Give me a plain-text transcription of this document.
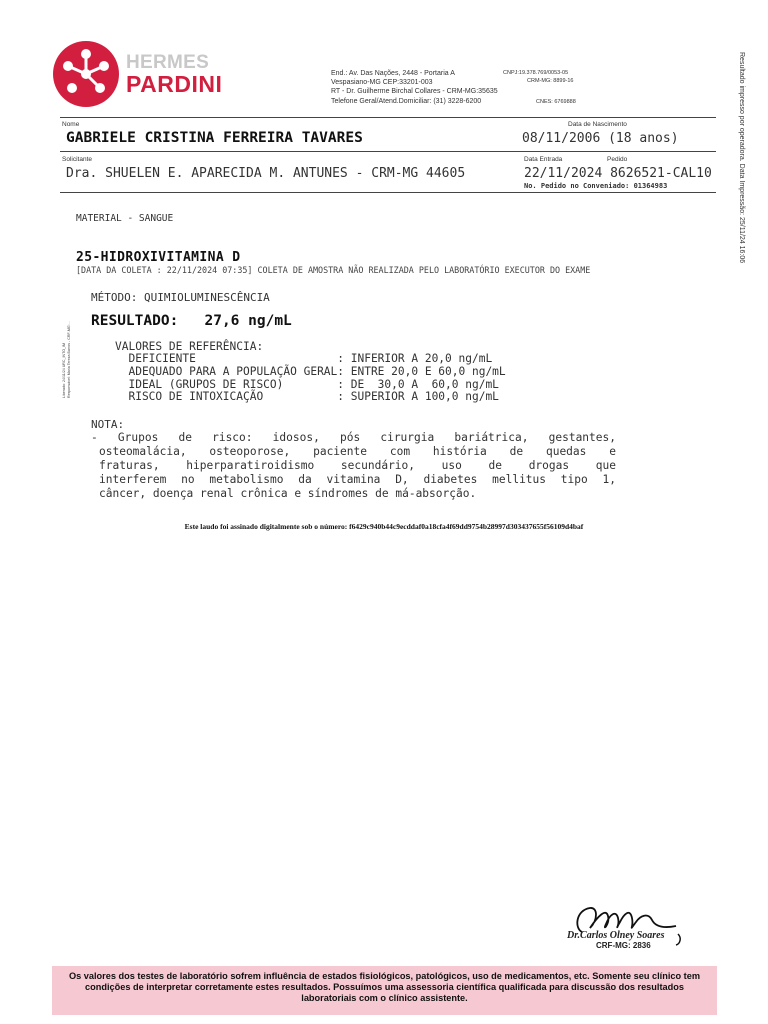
HERMES
PARDINI	End.: Av. Das Nações, 2448 - Portaria A
Vespasiano-MG CEP:33201-003
RT - Dr. Guilherme Birchal Collares - CRM-MG:35635
Telefone Geral/Atend.Domiciliar: (31) 3228-6200
CNPJ:19.378.769/0053-05
CRM-MG: 8899-16
CNES: 6769888
Nome	Data de Nascimento
GABRIELE CRISTINA FERREIRA TAVARES	08/11/2006 (18 anos)
Solicitante	Data Entrada	Pedido
Dra. SHUELEN E. APARECIDA M. ANTUNES - CRM-MG 44605	22/11/2024 8626521-CAL10
No. Pedido no Conveniado: 01364983
MATERIAL - SANGUE
25-HIDROXIVITAMINA D
[DATA DA COLETA : 22/11/2024 07:35] COLETA DE AMOSTRA NÃO REALIZADA PELO LABORATÓRIO EXECUTOR DO EXAME
MÉTODO: QUIMIOLUMINESCÊNCIA
RESULTADO:   27,6 ng/mL
VALORES DE REFERÊNCIA:
DEFICIENTE                     : INFERIOR A 20,0 ng/mL
ADEQUADO PARA A POPULAÇÃO GERAL: ENTRE 20,0 E 60,0 ng/mL
IDEAL (GRUPOS DE RISCO)        : DE  30,0 A  60,0 ng/mL
RISCO DE INTOXICAÇÃO           : SUPERIOR A 100,0 ng/mL
NOTA:

- Grupos de risco: idosos, pós cirurgia bariátrica, gestantes,

osteomalácia, osteoporose, paciente com história de quedas e

fraturas, hiperparatiroidismo secundário, uso de drogas que

interferem no metabolismo da vitamina D, diabetes mellitus tipo 1,

câncer, doença renal crônica e síndromes de má-absorção.

Este laudo foi assinado digitalmente sob o número: f6429c940b44c9ecddaf0a18cfa4f69dd9754b28997d303437655f56109d4baf
Resultado impresso por operadora. Data Impressão: 25/11/24 16:06
Liberado: 24/11/24 URC_INTO_IM Responsável: Maria Tereza Barros - CRF-MG:...
Dr.Carlos Olney Soares
CRF-MG: 2836
Os valores dos testes de laboratório sofrem influência de estados fisiológicos, patológicos, uso de medicamentos, etc. Somente seu clínico tem condições de interpretar corretamente estes resultados. Possuímos uma assessoria científica qualificada para discussão dos resultados laboratoriais com o clínico assistente.
